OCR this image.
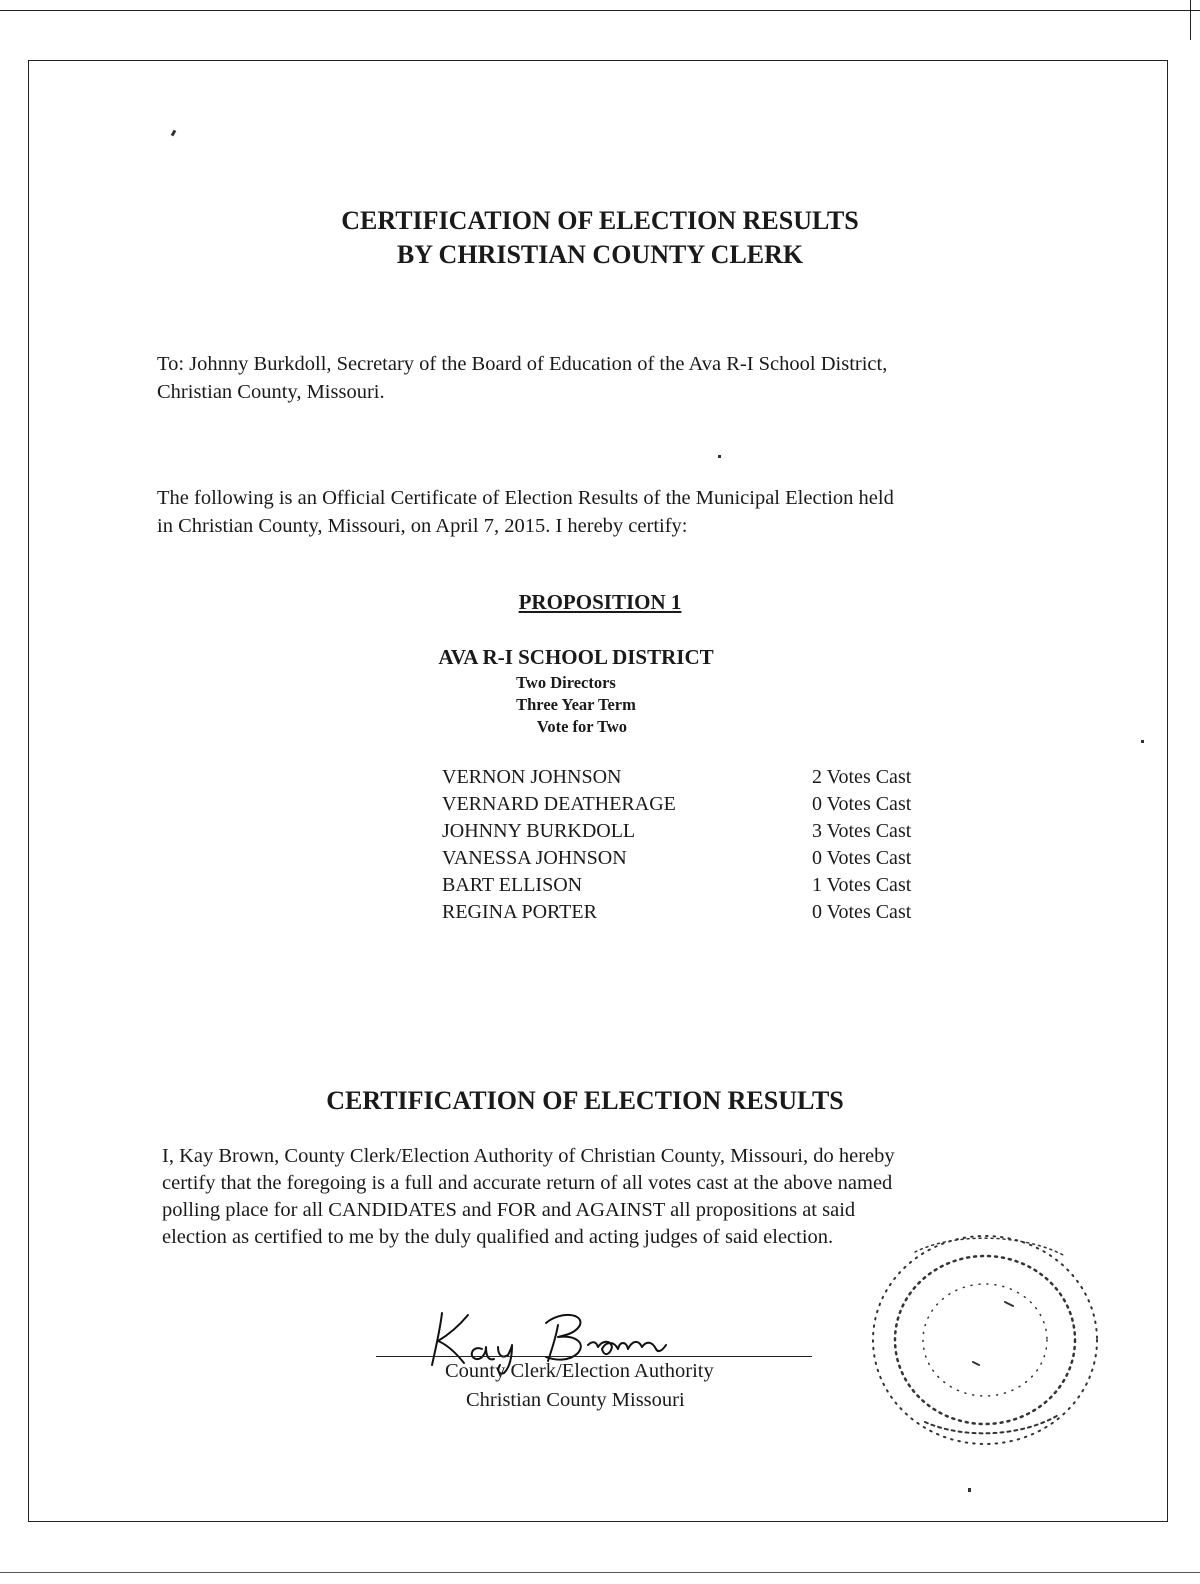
CERTIFICATION OF ELECTION RESULTS
BY CHRISTIAN COUNTY CLERK
To: Johnny Burkdoll, Secretary of the Board of Education of the Ava R-I School District,
Christian County, Missouri.
The following is an Official Certificate of Election Results of the Municipal Election held
in Christian County, Missouri, on April 7, 2015. I hereby certify:
PROPOSITION 1
AVA R-I SCHOOL DISTRICT
Two Directors
Three Year Term
Vote for Two
VERNON JOHNSON	2 Votes Cast
VERNARD DEATHERAGE	0 Votes Cast
JOHNNY BURKDOLL	3 Votes Cast
VANESSA JOHNSON	0 Votes Cast
BART ELLISON	1 Votes Cast
REGINA PORTER	0 Votes Cast
CERTIFICATION OF ELECTION RESULTS
I, Kay Brown, County Clerk/Election Authority of Christian County, Missouri, do hereby
certify that the foregoing is a full and accurate return of all votes cast at the above named
polling place for all CANDIDATES and FOR and AGAINST all propositions at said
election as certified to me by the duly qualified and acting judges of said election.
County Clerk/Election Authority
Christian County Missouri
